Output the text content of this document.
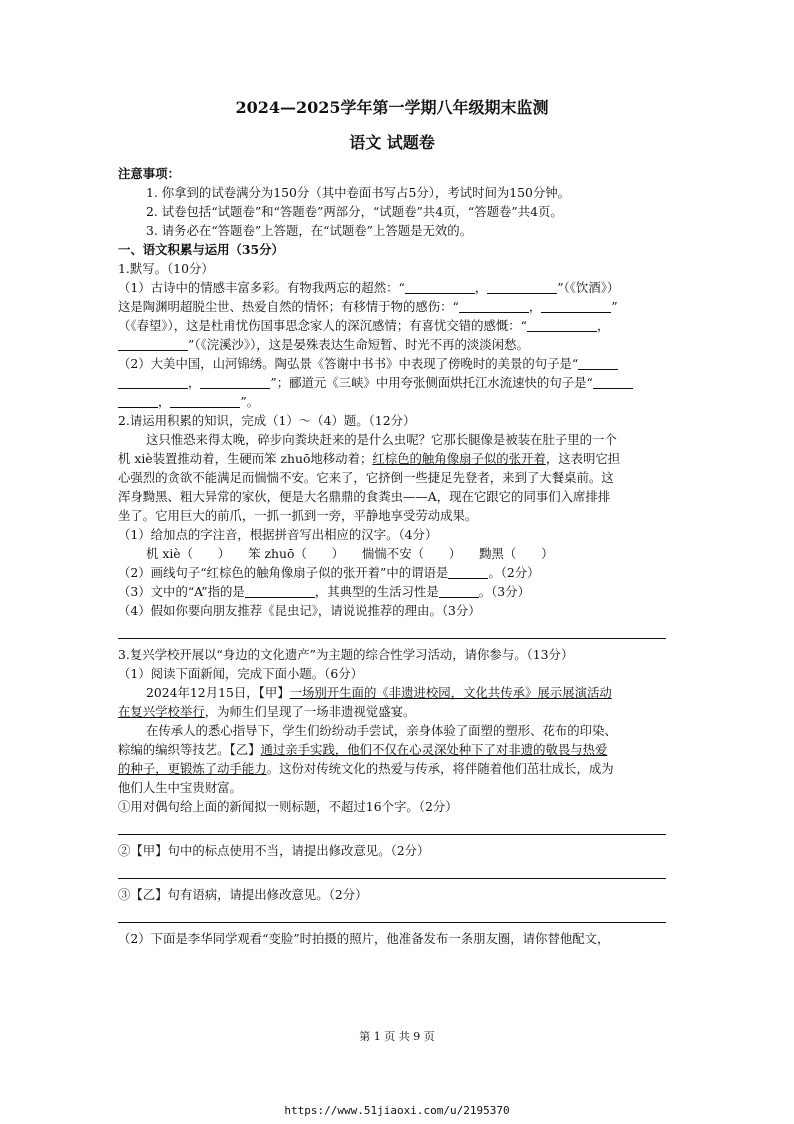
2024—2025学年第一学期八年级期末监测
语文 试题卷

注意事项：

1. 你拿到的试卷满分为150分（其中卷面书写占5分），考试时间为150分钟。

2. 试卷包括“试题卷”和“答题卷”两部分，“试题卷”共4页，“答题卷”共4页。

3. 请务必在“答题卷”上答题，在“试题卷”上答题是无效的。

一、语文积累与运用（35分）

1.默写。（10分）

（1）古诗中的情感丰富多彩。有物我两忘的超然：“	，	”（《饮酒》）

这是陶渊明超脱尘世、热爱自然的情怀；有移情于物的感伤：“	，	”

（《春望》），这是杜甫忧伤国事思念家人的深沉感情；有喜忧交错的感慨：“	，

”（《浣溪沙》），这是晏殊表达生命短暂、时光不再的淡淡闲愁。

（2）大美中国，山河锦绣。陶弘景《答谢中书书》中表现了傍晚时的美景的句子是“

，	”；郦道元《三峡》中用夸张侧面烘托江水流速快的句子是“

，	”。

2.请运用积累的知识，完成（1）～（4）题。（12分）

这只惟恐来得太晚，碎步向粪块赶来的是什么虫呢？它那长腿像是被装在肚子里的一个

机 xiè装置推动着，生硬而笨 zhuō地移动着；红棕色的触角像扇子似的张开着，这表明它担

心强烈的贪欲不能满足而惴惴不安。它来了，它挤倒一些捷足先登者，来到了大餐桌前。这

浑身黝黑、粗大异常的家伙，便是大名鼎鼎的食粪虫——A，现在它跟它的同事们入席排排

坐了。它用巨大的前爪，一抓一抓到一旁，平静地享受劳动成果。

（1）给加点的字注音，根据拼音写出相应的汉字。（4分）

机 xiè（　　） 笨 zhuō（　　） 惴惴不安（　　） 黝黑（　　）

（2）画线句子“红棕色的触角像扇子似的张开着”中的谓语是	。（2分）

（3）文中的“A”指的是	，其典型的生活习性是	。（3分）

（4）假如你要向朋友推荐《昆虫记》，请说说推荐的理由。（3分）

3.复兴学校开展以“身边的文化遗产”为主题的综合性学习活动，请你参与。（13分）

（1）阅读下面新闻，完成下面小题。（6分）

2024年12月15日，【甲】一场别开生面的《非遗进校园，文化共传承》展示展演活动

在复兴学校举行，为师生们呈现了一场非遗视觉盛宴。

在传承人的悉心指导下，学生们纷纷动手尝试，亲身体验了面塑的塑形、花布的印染、

粽编的编织等技艺。【乙】通过亲手实践，他们不仅在心灵深处种下了对非遗的敬畏与热爱

的种子，更锻炼了动手能力。这份对传统文化的热爱与传承，将伴随着他们茁壮成长，成为

他们人生中宝贵财富。

①用对偶句给上面的新闻拟一则标题，不超过16个字。（2分）

②【甲】句中的标点使用不当，请提出修改意见。（2分）

③【乙】句有语病，请提出修改意见。（2分）

（2）下面是李华同学观看“变脸”时拍摄的照片，他准备发布一条朋友圈，请你替他配文，

第 1 页 共 9 页
https://www.51jiaoxi.com/u/2195370
